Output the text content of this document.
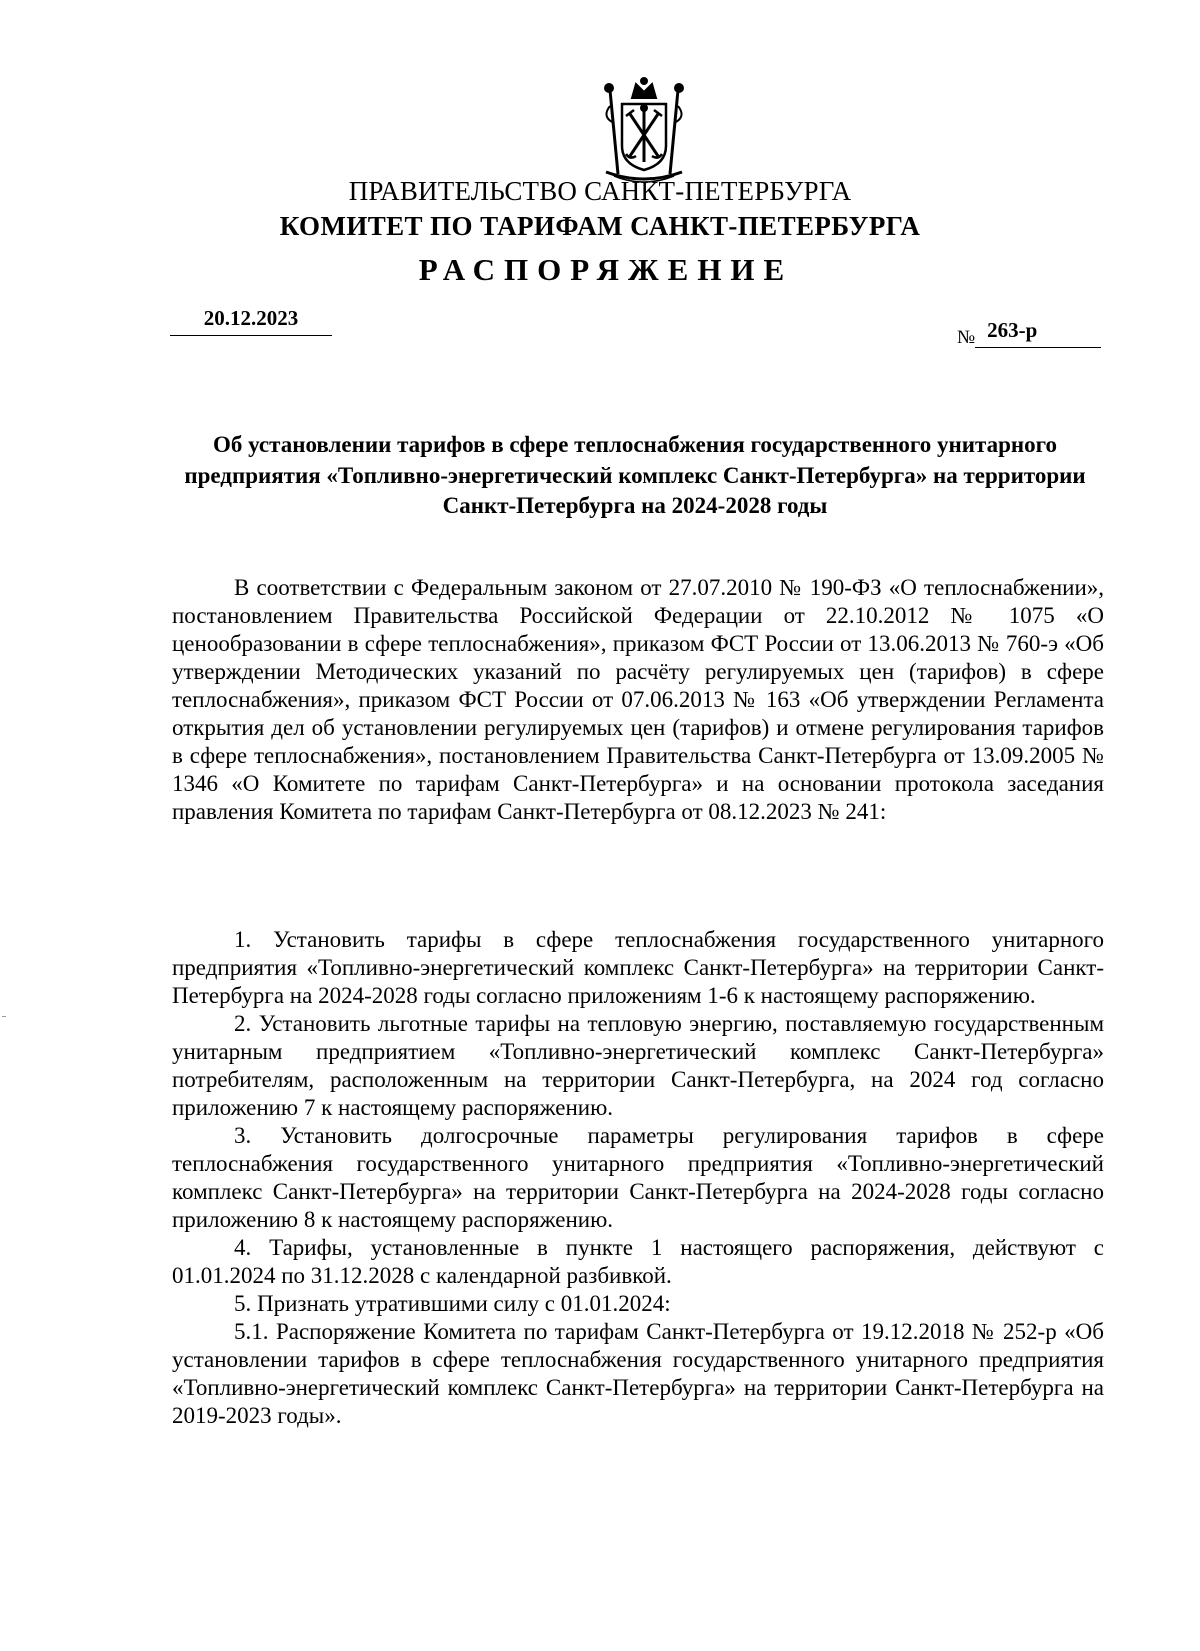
ПРАВИТЕЛЬСТВО САНКТ-ПЕТЕРБУРГА
КОМИТЕТ ПО ТАРИФАМ САНКТ-ПЕТЕРБУРГА
РАСПОРЯЖЕНИЕ
20.12.2023
№ 263-р
Об установлении тарифов в сфере теплоснабжения государственного унитарного предприятия «Топливно-энергетический комплекс Санкт-Петербурга» на территории Санкт-Петербурга на 2024-2028 годы

В соответствии с Федеральным законом от 27.07.2010 № 190-ФЗ «О теплоснабжении», постановлением Правительства Российской Федерации от 22.10.2012 № 1075 «О ценообразовании в сфере теплоснабжения», приказом ФСТ России от 13.06.2013 № 760-э «Об утверждении Методических указаний по расчёту регулируемых цен (тарифов) в сфере теплоснабжения», приказом ФСТ России от 07.06.2013 № 163 «Об утверждении Регламента открытия дел об установлении регулируемых цен (тарифов) и отмене регулирования тарифов в сфере теплоснабжения», постановлением Правительства Санкт-Петербурга от 13.09.2005 № 1346 «О Комитете по тарифам Санкт-Петербурга» и на основании протокола заседания правления Комитета по тарифам Санкт-Петербурга от 08.12.2023 № 241:

1. Установить тарифы в сфере теплоснабжения государственного унитарного предприятия «Топливно-энергетический комплекс Санкт-Петербурга» на территории Санкт-Петербурга на 2024-2028 годы согласно приложениям 1-6 к настоящему распоряжению.

2. Установить льготные тарифы на тепловую энергию, поставляемую государственным унитарным предприятием «Топливно-энергетический комплекс Санкт-Петербурга» потребителям, расположенным на территории Санкт-Петербурга, на 2024 год согласно приложению 7 к настоящему распоряжению.

3. Установить долгосрочные параметры регулирования тарифов в сфере теплоснабжения государственного унитарного предприятия «Топливно-энергетический комплекс Санкт-Петербурга» на территории Санкт-Петербурга на 2024-2028 годы согласно приложению 8 к настоящему распоряжению.

4. Тарифы, установленные в пункте 1 настоящего распоряжения, действуют с 01.01.2024 по 31.12.2028 с календарной разбивкой.

5. Признать утратившими силу с 01.01.2024:

5.1. Распоряжение Комитета по тарифам Санкт-Петербурга от 19.12.2018 № 252-р «Об установлении тарифов в сфере теплоснабжения государственного унитарного предприятия «Топливно-энергетический комплекс Санкт-Петербурга» на территории Санкт-Петербурга на 2019-2023 годы».
